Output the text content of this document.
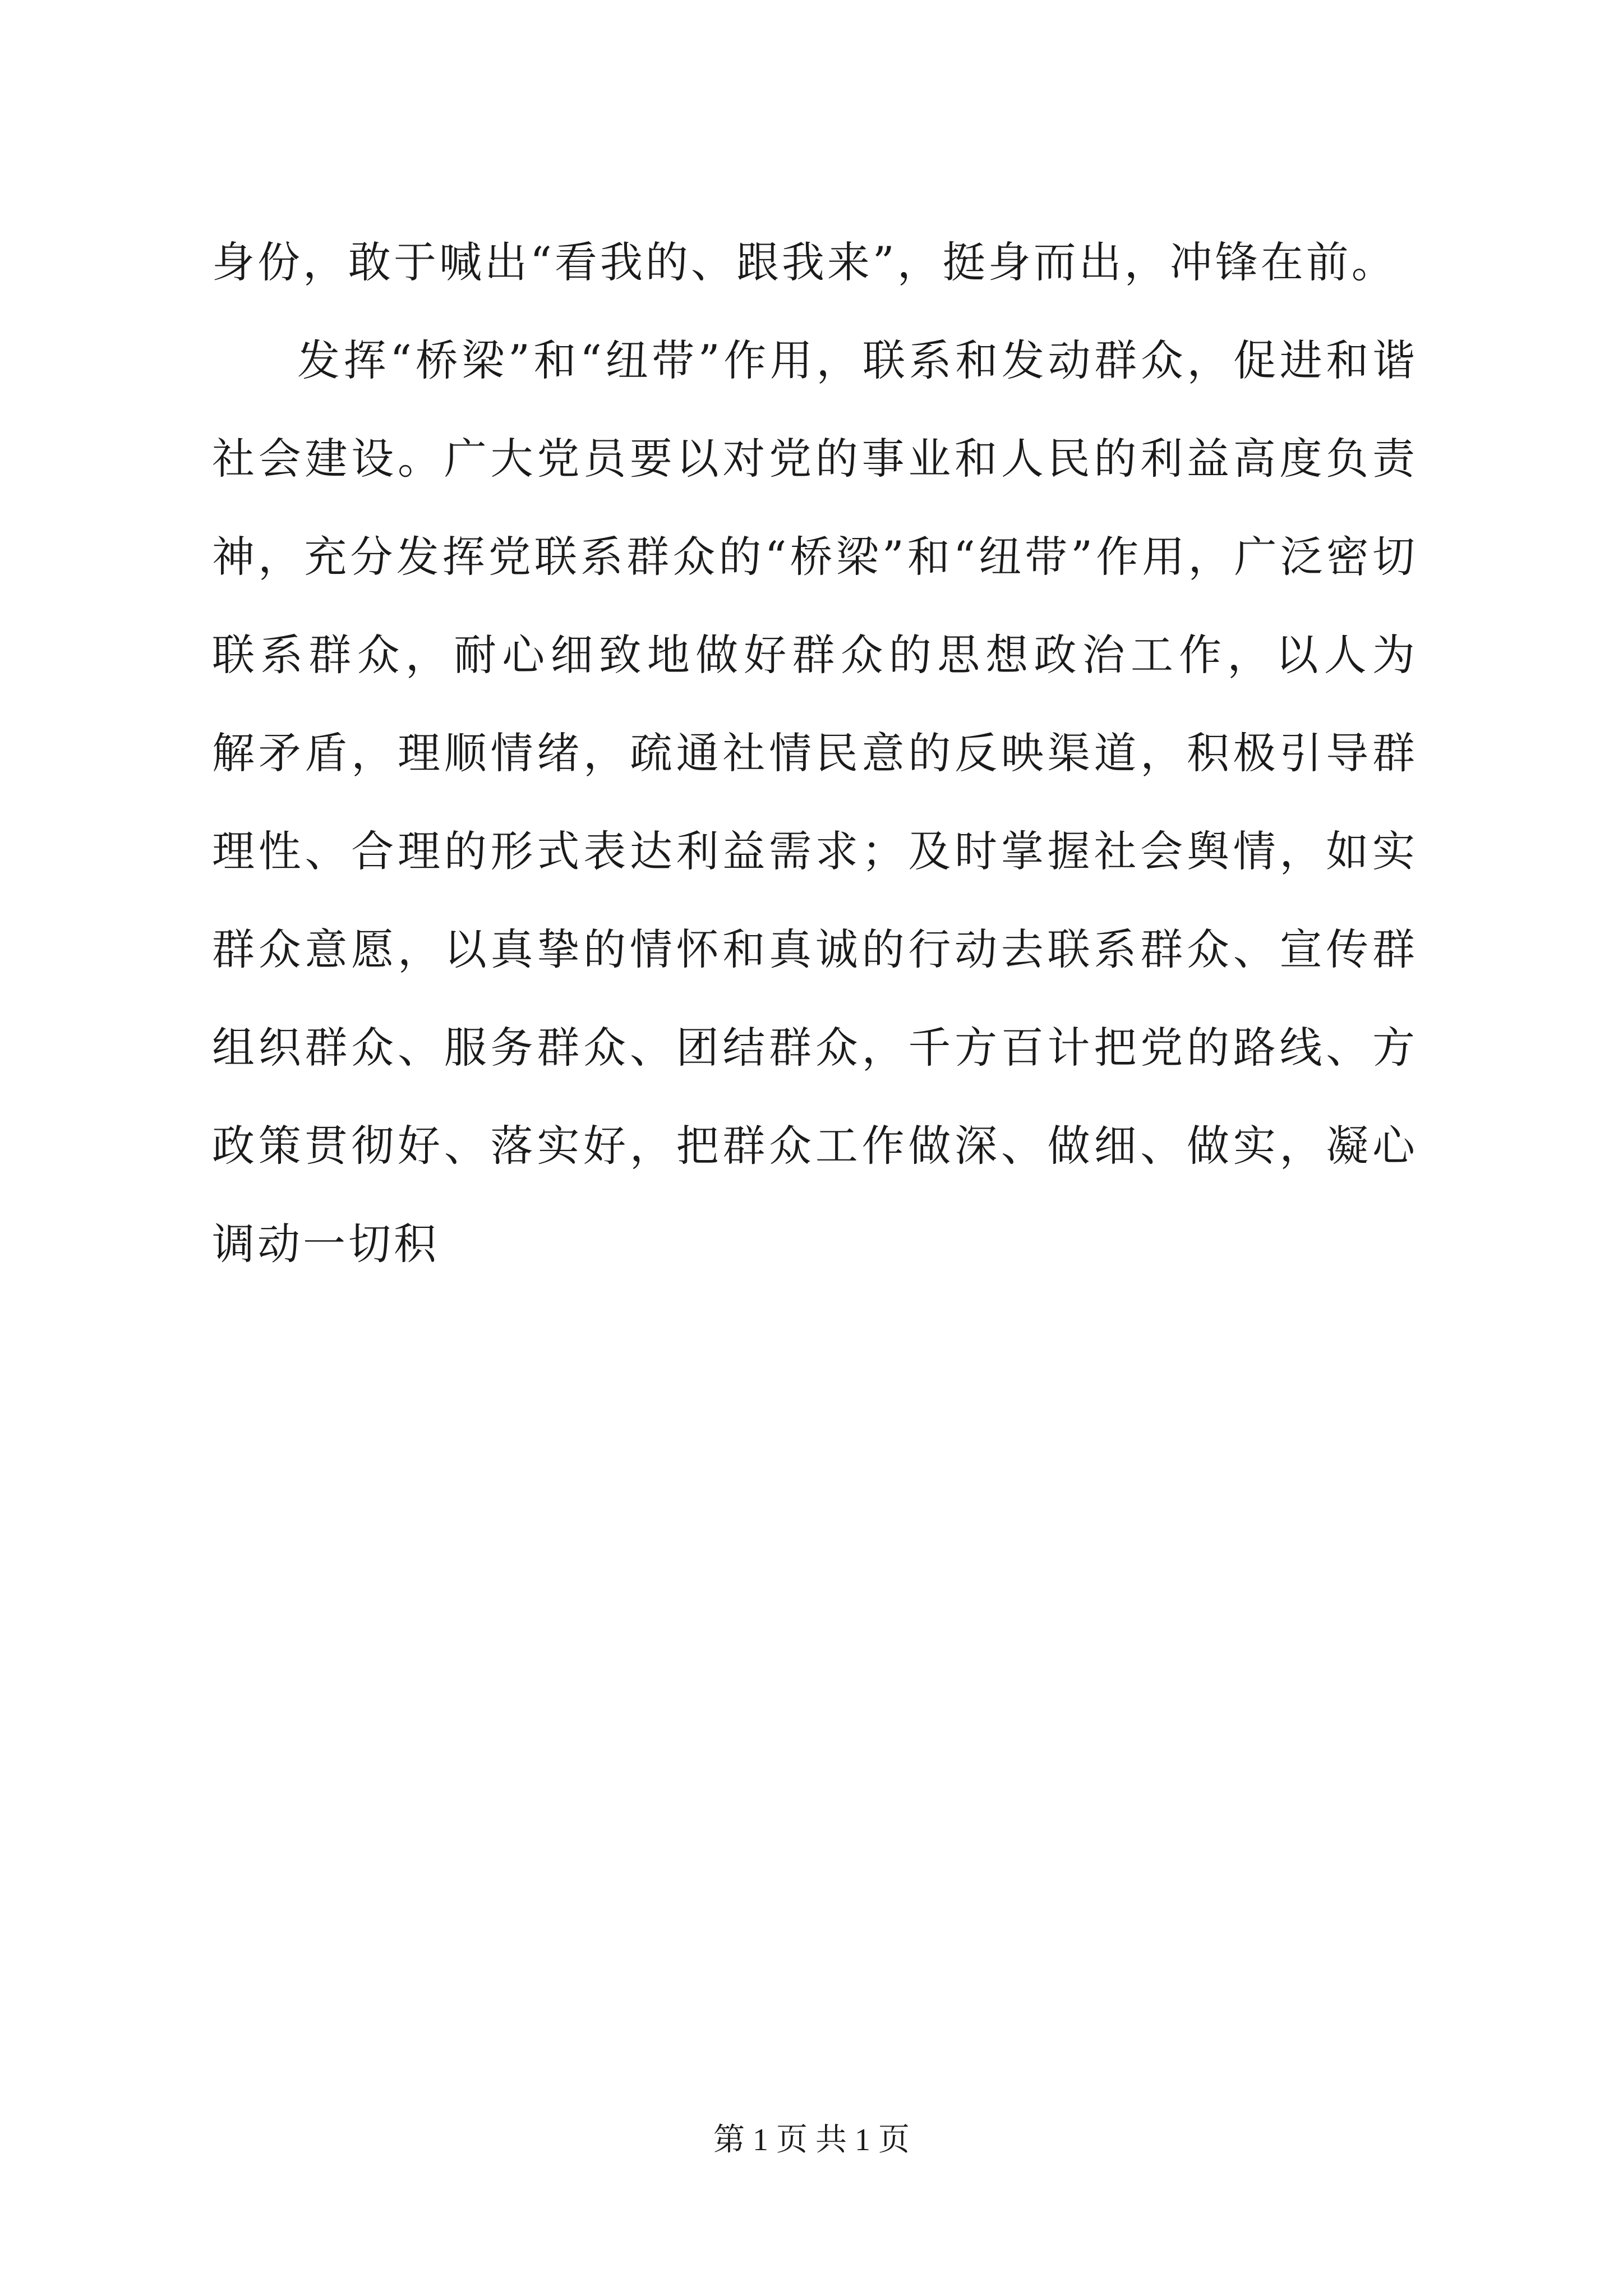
身份，敢于喊出“看我的、跟我来”，挺身而出，冲锋在前。
发挥“桥梁”和“纽带”作用，联系和发动群众，促进和谐
社会建设。广大党员要以对党的事业和人民的利益高度负责
神，充分发挥党联系群众的“桥梁”和“纽带”作用，广泛密切
联系群众，耐心细致地做好群众的思想政治工作，以人为
解矛盾，理顺情绪，疏通社情民意的反映渠道，积极引导群
理性、合理的形式表达利益需求；及时掌握社会舆情，如实
群众意愿，以真挚的情怀和真诚的行动去联系群众、宣传群
组织群众、服务群众、团结群众，千方百计把党的路线、方
政策贯彻好、落实好，把群众工作做深、做细、做实，凝心
调动一切积
第 1 页 共 1 页
